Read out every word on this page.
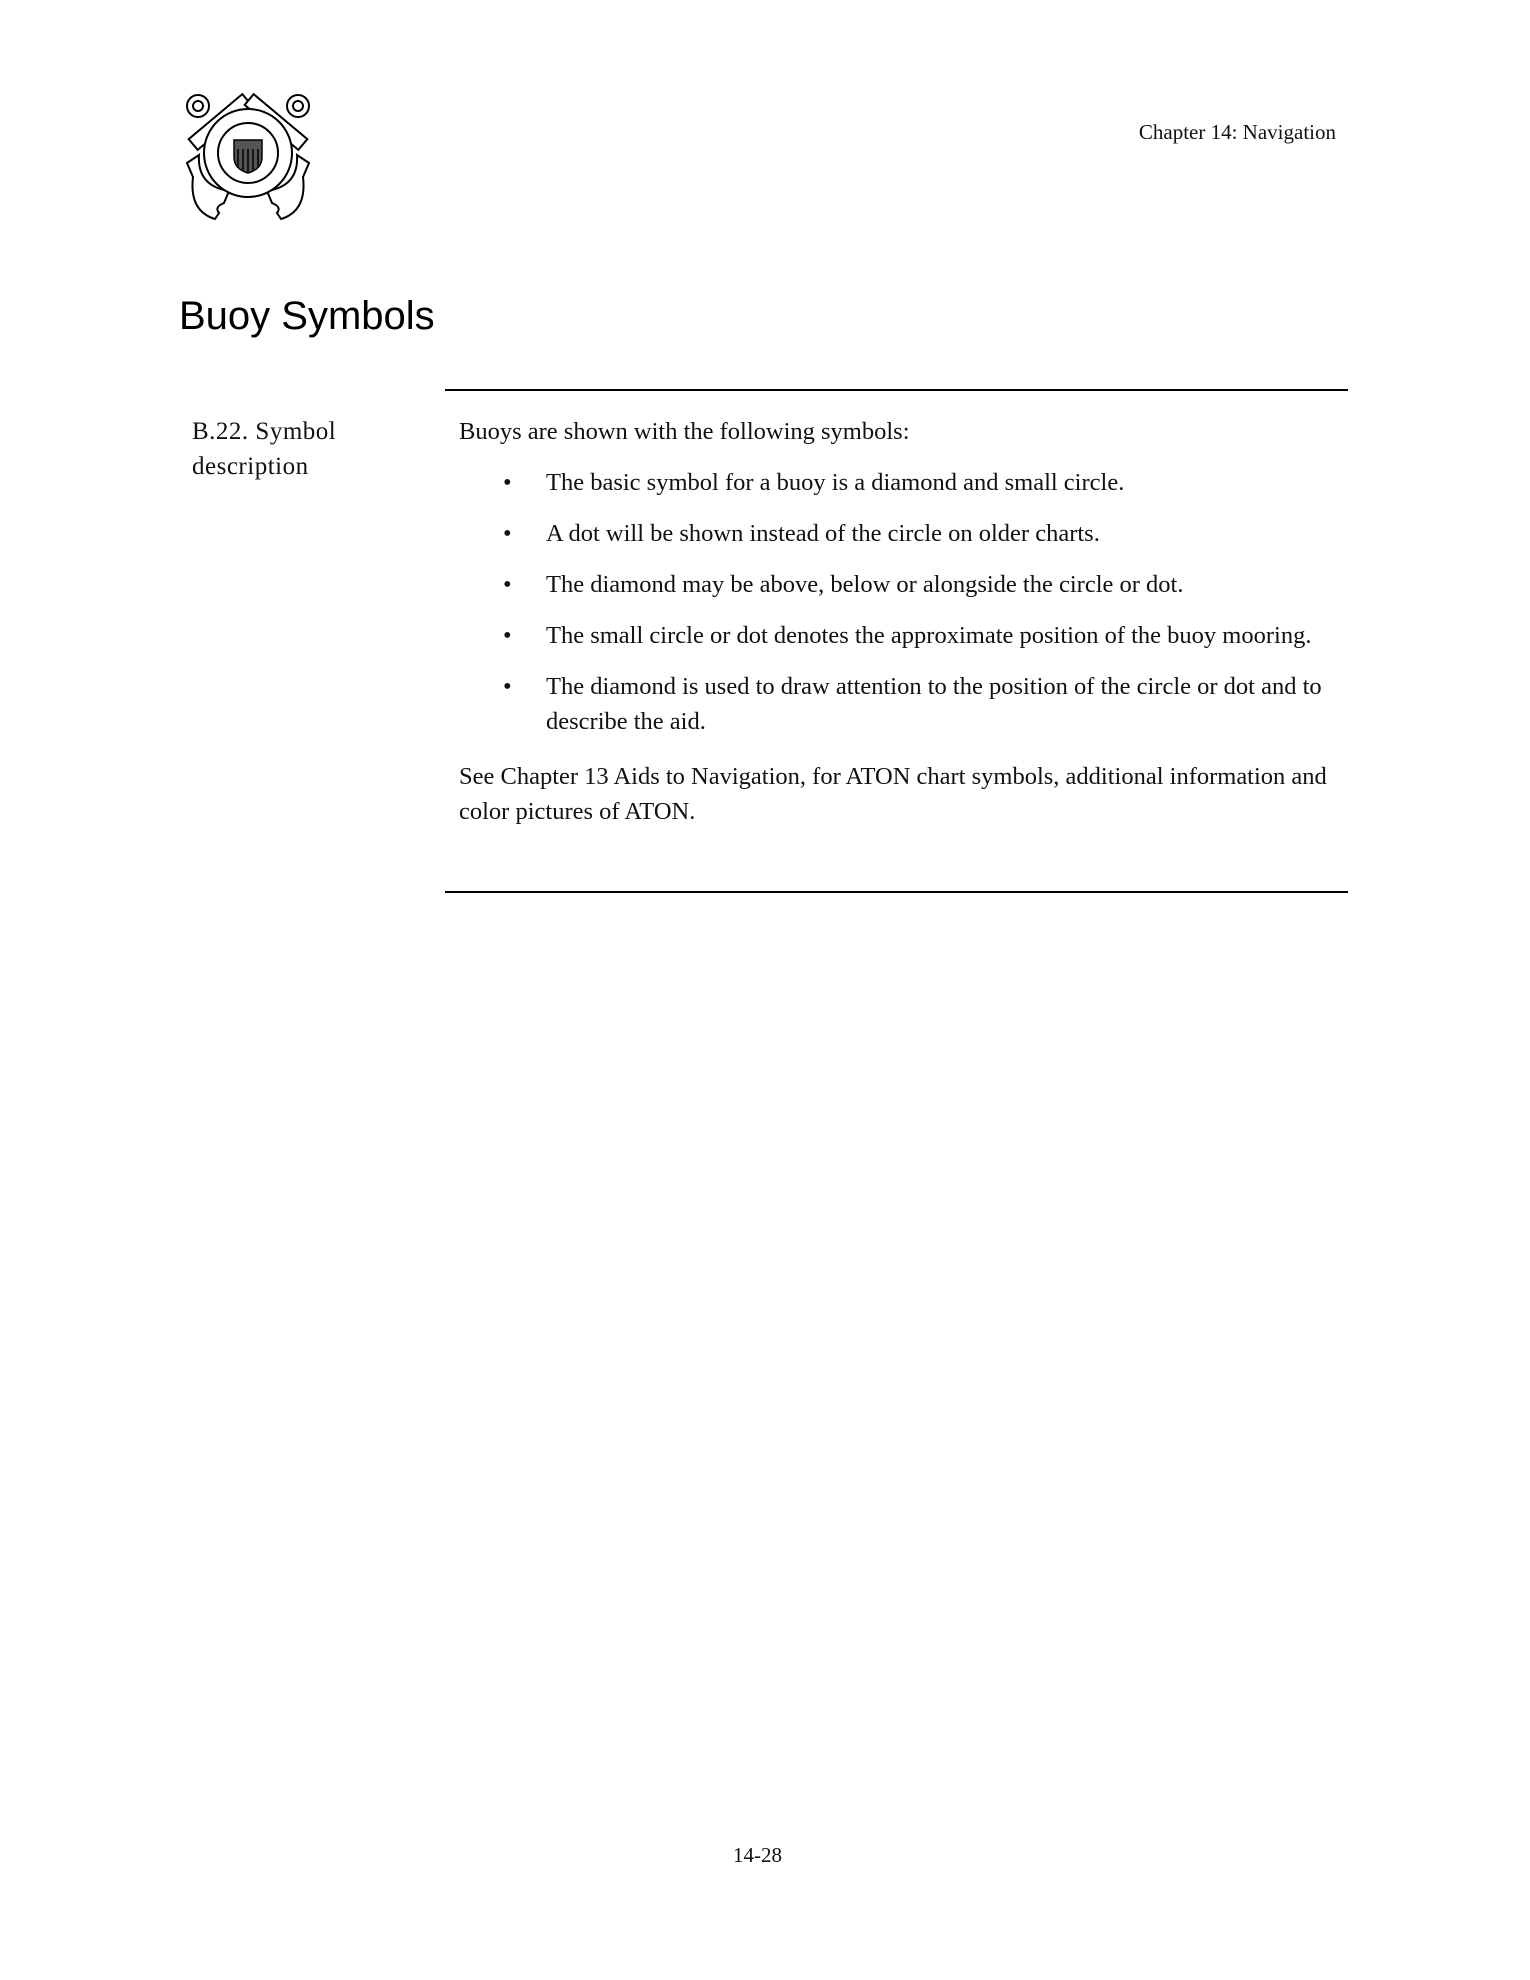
Chapter 14: Navigation
Buoy Symbols
B.22. Symbol description

Buoys are shown with the following symbols:

• The basic symbol for a buoy is a diamond and small circle.
• A dot will be shown instead of the circle on older charts.
• The diamond may be above, below or alongside the circle or dot.
• The small circle or dot denotes the approximate position of the buoy mooring.
• The diamond is used to draw attention to the position of the circle or dot and to describe the aid.

See Chapter 13 Aids to Navigation, for ATON chart symbols, additional information and color pictures of ATON.

14-28
